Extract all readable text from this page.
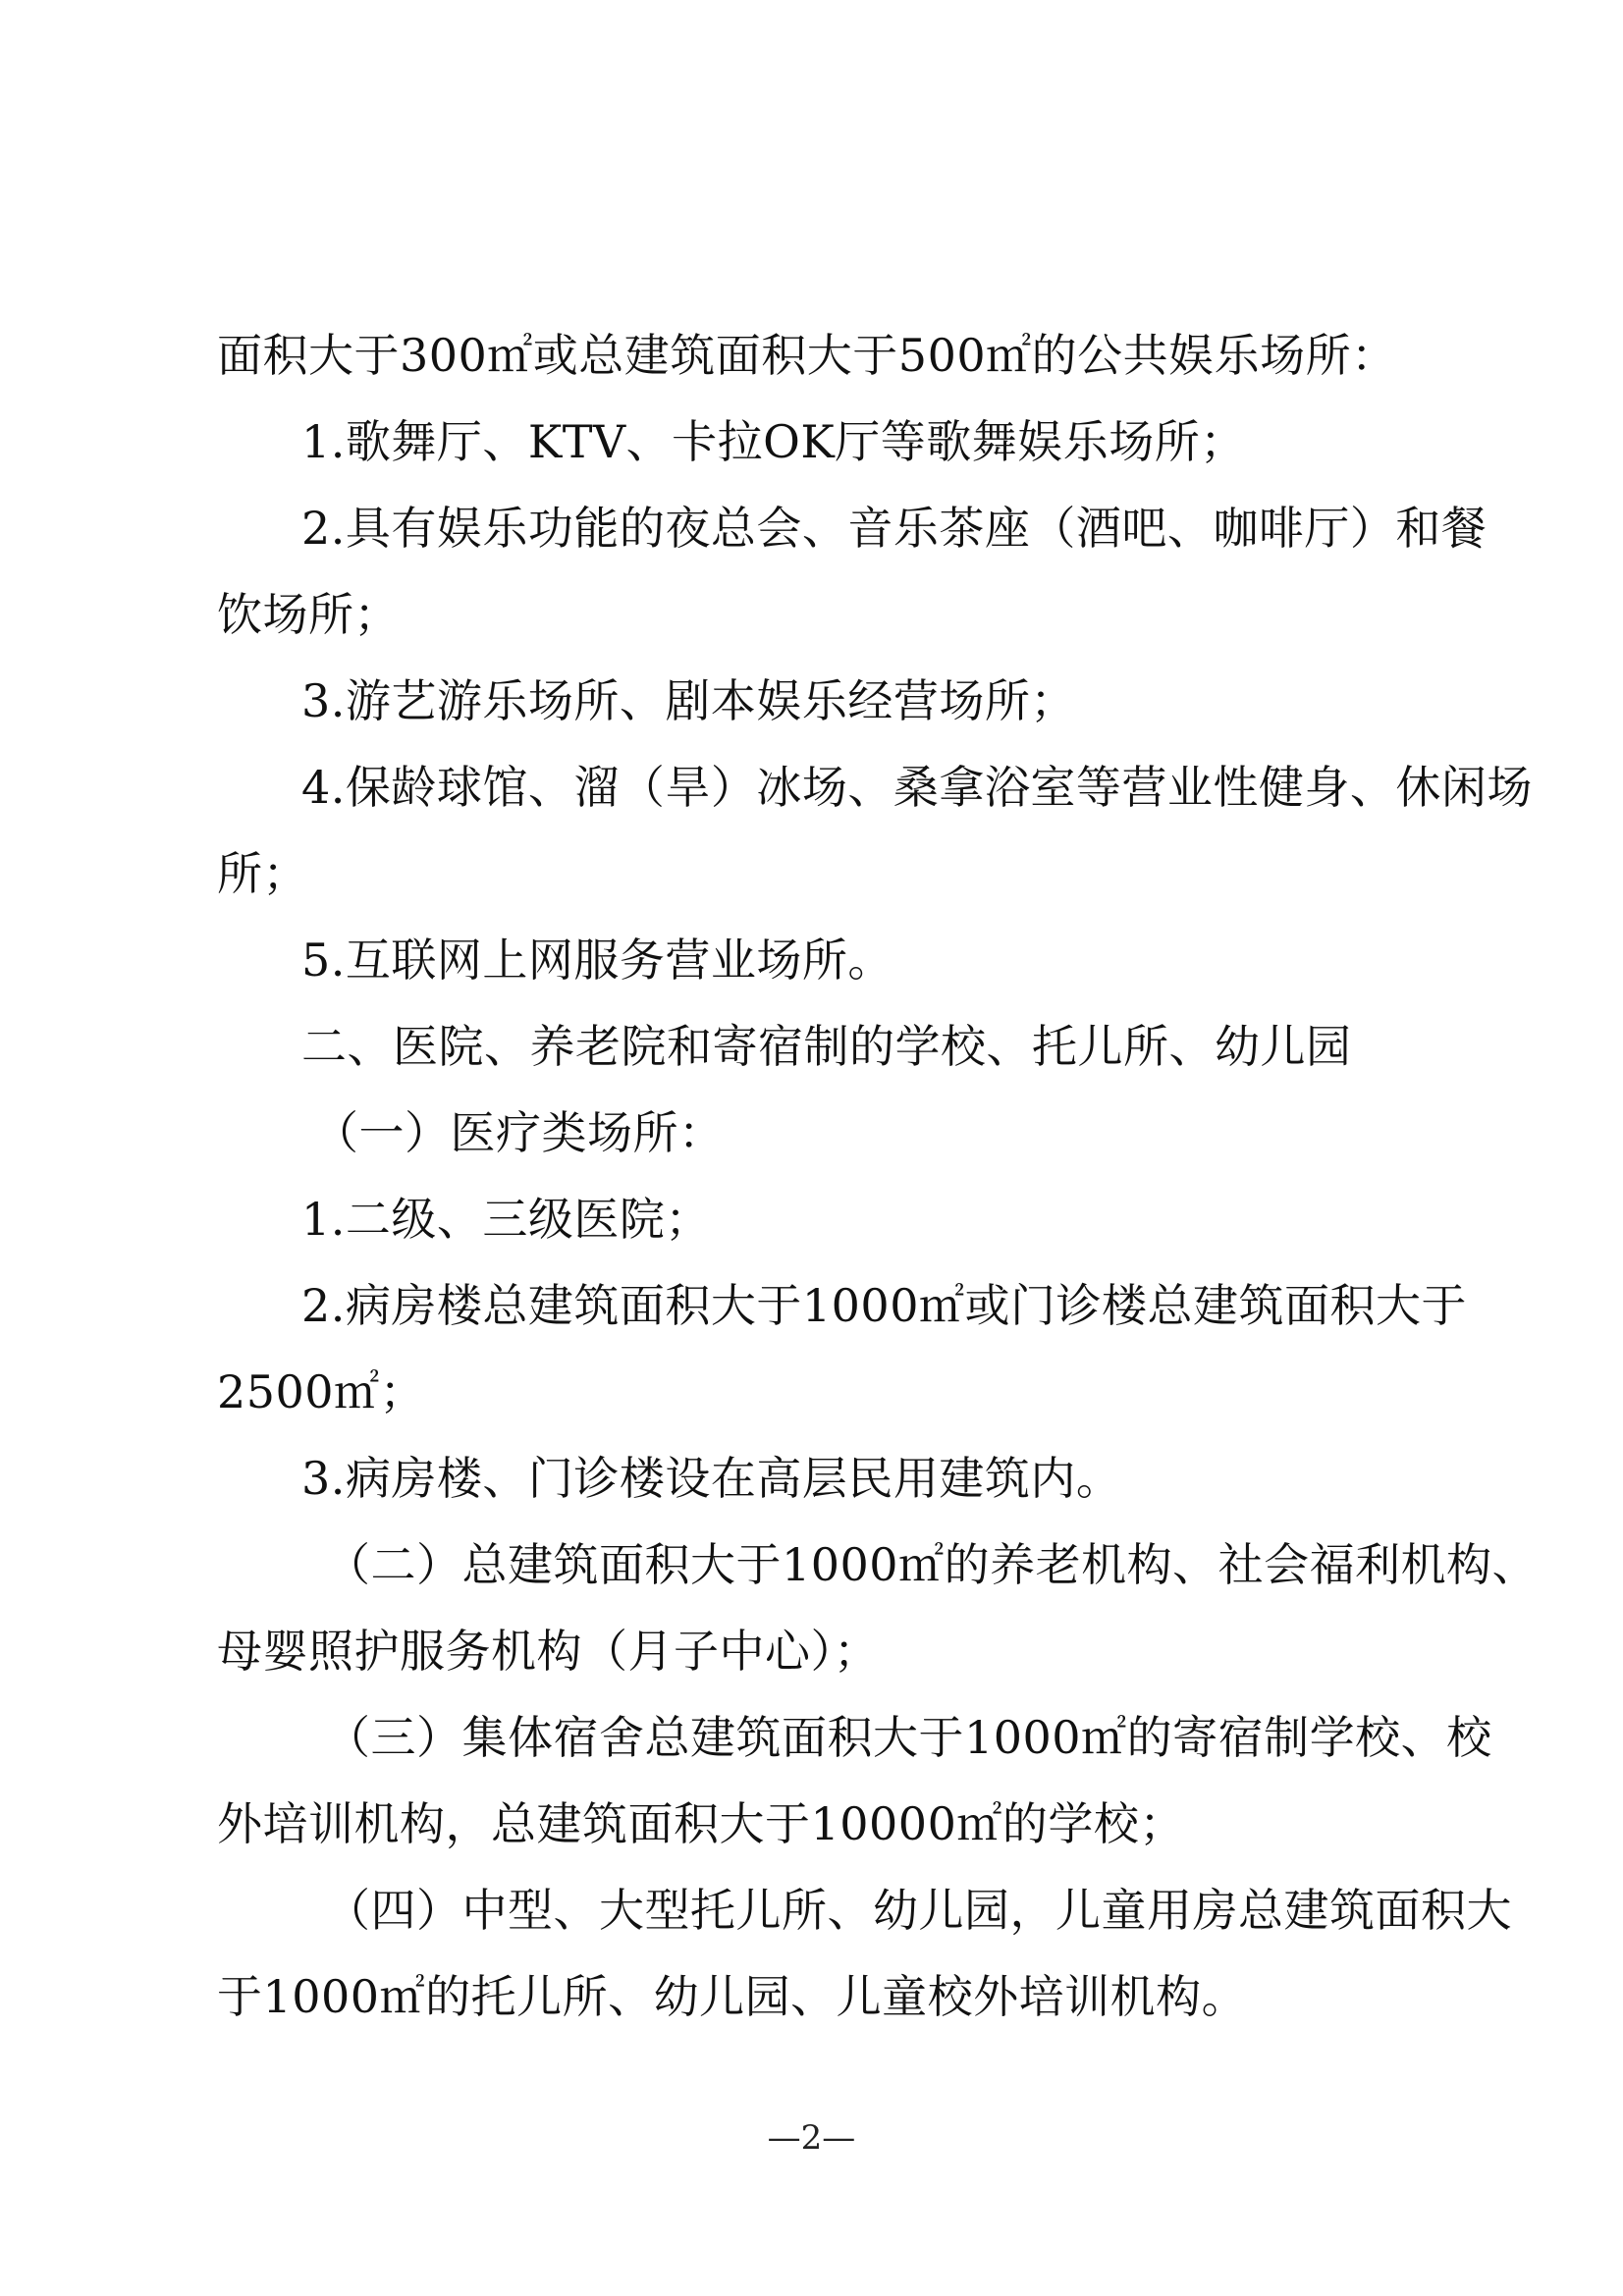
面积大于300㎡或总建筑面积大于500㎡的公共娱乐场所：

1.歌舞厅、KTV、卡拉OK厅等歌舞娱乐场所；

2.具有娱乐功能的夜总会、音乐茶座（酒吧、咖啡厅）和餐

饮场所；

3.游艺游乐场所、剧本娱乐经营场所；

4.保龄球馆、溜（旱）冰场、桑拿浴室等营业性健身、休闲场

所；

5.互联网上网服务营业场所。

二、医院、养老院和寄宿制的学校、托儿所、幼儿园

（一）医疗类场所：

1.二级、三级医院；

2.病房楼总建筑面积大于1000㎡或门诊楼总建筑面积大于

2500㎡；

3.病房楼、门诊楼设在高层民用建筑内。

（二）总建筑面积大于1000㎡的养老机构、社会福利机构、

母婴照护服务机构（月子中心）；

（三）集体宿舍总建筑面积大于1000㎡的寄宿制学校、校

外培训机构，总建筑面积大于10000㎡的学校；

（四）中型、大型托儿所、幼儿园，儿童用房总建筑面积大

于1000㎡的托儿所、幼儿园、儿童校外培训机构。

—2—
